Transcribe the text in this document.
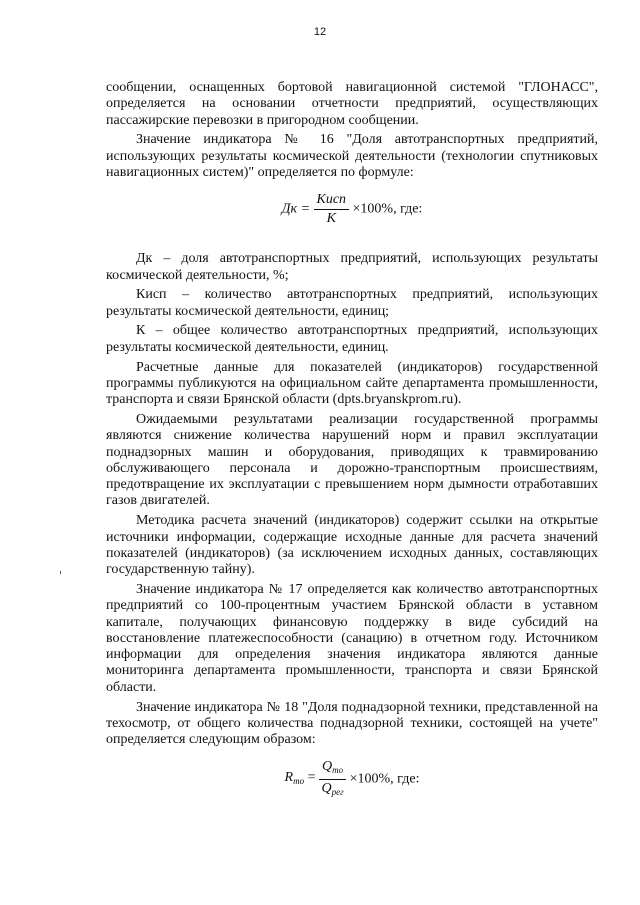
12

сообщении, оснащенных бортовой навигационной системой "ГЛОНАСС", определяется на основании отчетности предприятий, осуществляющих пассажирские перевозки в пригородном сообщении.

Значение индикатора № 16 "Доля автотранспортных предприятий, использующих результаты космической деятельности (технологии спутниковых навигационных систем)" определяется по формуле:

Дк = $\frac{\text{Кисп}}{К} \times 100\%$, где:

Дк – доля автотранспортных предприятий, использующих результаты космической деятельности, %;

Кисп – количество автотранспортных предприятий, использующих результаты космической деятельности, единиц;

К – общее количество автотранспортных предприятий, использующих результаты космической деятельности, единиц.

Расчетные данные для показателей (индикаторов) государственной программы публикуются на официальном сайте департамента промышленности, транспорта и связи Брянской области (dpts.bryanskprom.ru).

Ожидаемыми результатами реализации государственной программы являются снижение количества нарушений норм и правил эксплуатации поднадзорных машин и оборудования, приводящих к травмированию обслуживающего персонала и дорожно-транспортным происшествиям, предотвращение их эксплуатации с превышением норм дымности отработавших газов двигателей.

Методика расчета значений (индикаторов) содержит ссылки на открытые источники информации, содержащие исходные данные для расчета значений показателей (индикаторов) (за исключением исходных данных, составляющих государственную тайну).

Значение индикатора № 17 определяется как количество автотранспортных предприятий со 100-процентным участием Брянской области в уставном капитале, получающих финансовую поддержку в виде субсидий на восстановление платежеспособности (санацию) в отчетном году. Источником информации для определения значения индикатора являются данные мониторинга департамента промышленности, транспорта и связи Брянской области.

Значение индикатора № 18 "Доля поднадзорной техники, представленной на техосмотр, от общего количества поднадзорной техники, состоящей на учете" определяется следующим образом:

$R_{то} = \frac{Q_{то}}{Q_{рег}} \times 100\%$, где:
